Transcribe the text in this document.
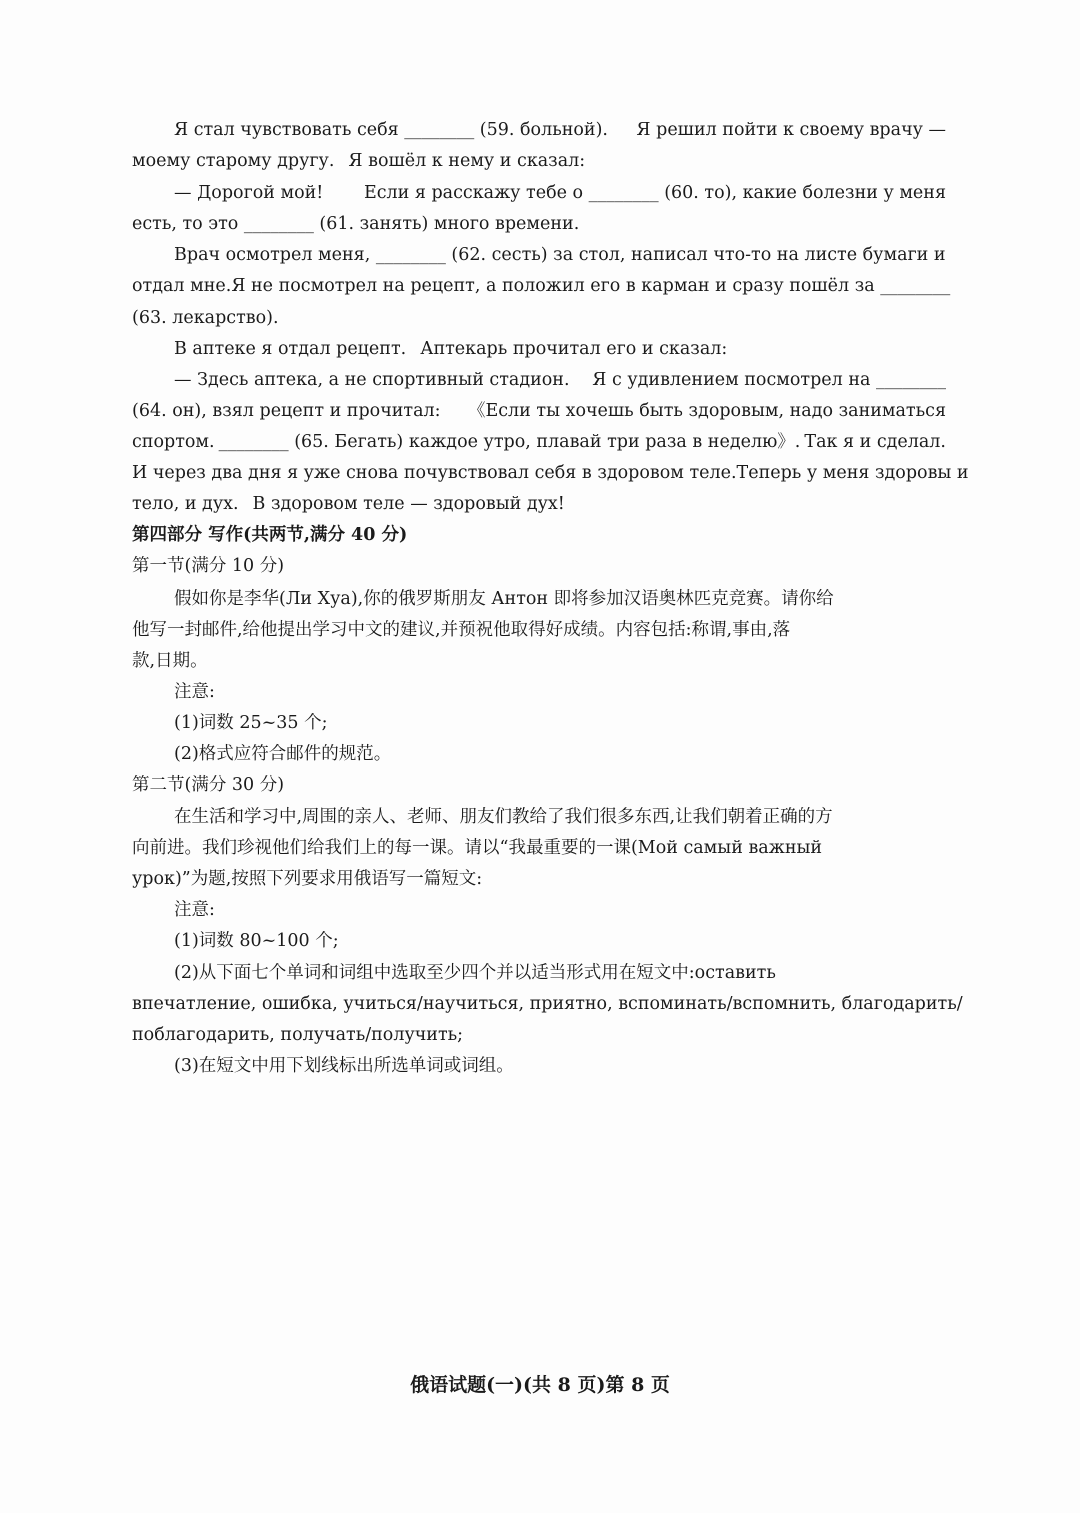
Я стал чувствовать себя ________ (59. больной). Я решил пойти к своему врачу —
моему старому другу. Я вошёл к нему и сказал:
— Дорогой мой! Если я расскажу тебе о ________ (60. то), какие болезни у меня
есть, то это ________ (61. занять) много времени.
Врач осмотрел меня, ________ (62. сесть) за стол, написал что-то на листе бумаги и
отдал мне. Я не посмотрел на рецепт, а положил его в карман и сразу пошёл за ________
(63. лекарство).
В аптеке я отдал рецепт. Аптекарь прочитал его и сказал:
— Здесь аптека, а не спортивный стадион. Я с удивлением посмотрел на ________
(64. он), взял рецепт и прочитал: 《Если ты хочешь быть здоровым, надо заниматься
спортом. ________ (65. Бегать) каждое утро, плавай три раза в неделю》. Так я и сделал.
И через два дня я уже снова почувствовал себя в здоровом теле. Теперь у меня здоровы и
тело, и дух. В здоровом теле — здоровый дух!
第四部分 写作(共两节,满分 40 分)
第一节(满分 10 分)
假如你是李华(Ли Хуа),你的俄罗斯朋友 Антон 即将参加汉语奥林匹克竞赛。请你给
他写一封邮件,给他提出学习中文的建议,并预祝他取得好成绩。内容包括:称谓,事由,落
款,日期。
注意:
(1)词数 25~35 个;
(2)格式应符合邮件的规范。
第二节(满分 30 分)
在生活和学习中,周围的亲人、老师、朋友们教给了我们很多东西,让我们朝着正确的方
向前进。我们珍视他们给我们上的每一课。请以“我最重要的一课(Мой самый важный
урок)”为题,按照下列要求用俄语写一篇短文:
注意:
(1)词数 80~100 个;
(2)从下面七个单词和词组中选取至少四个并以适当形式用在短文中:оставить
впечатление, ошибка, учиться/научиться, приятно, вспоминать/вспомнить, благодарить/
поблагодарить, получать/получить;
(3)在短文中用下划线标出所选单词或词组。
俄语试题(一)(共 8 页)第 8 页
